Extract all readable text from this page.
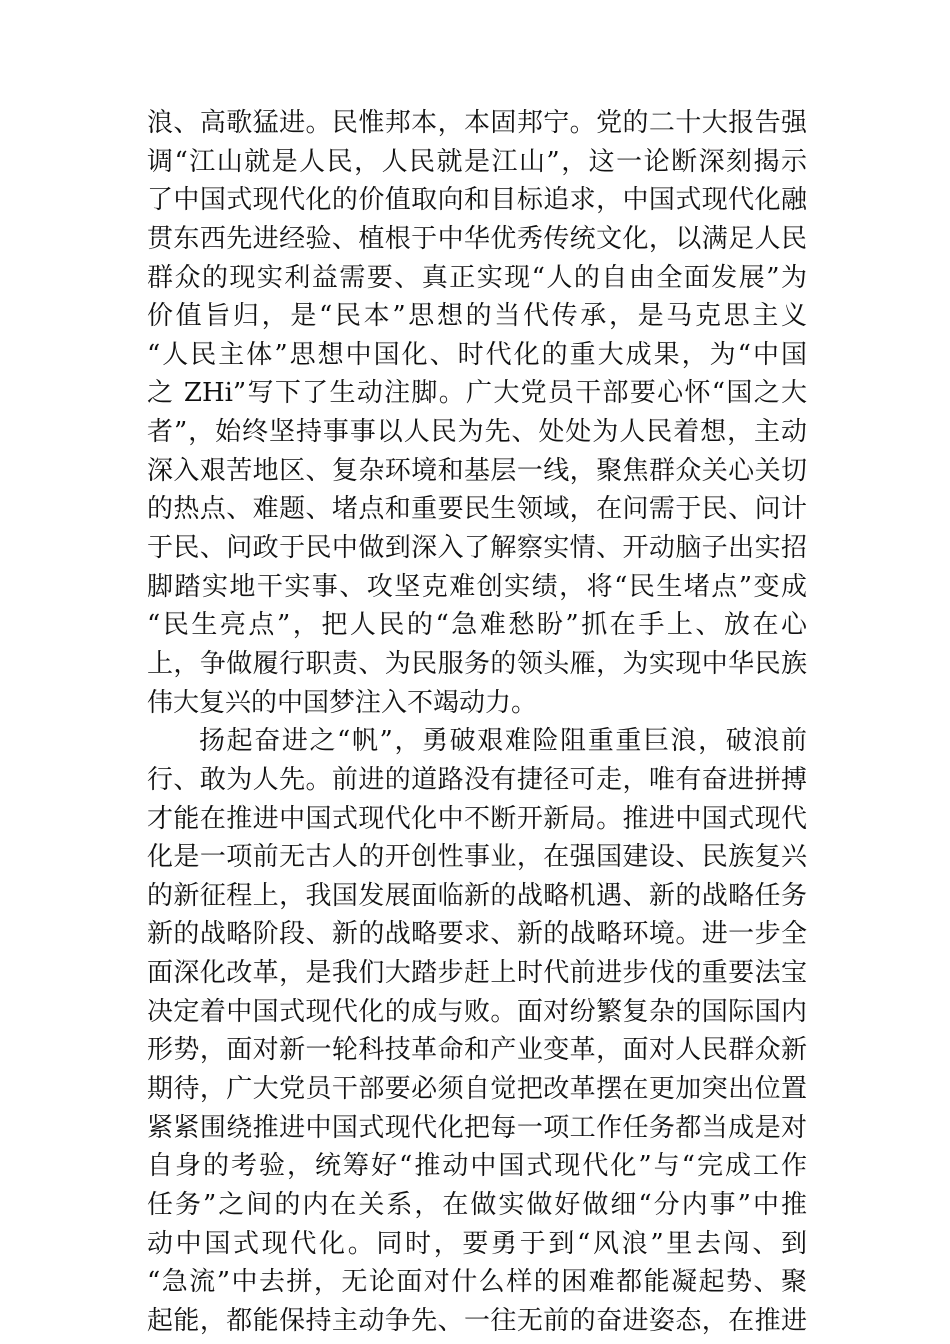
浪、高歌猛进。民惟邦本，本固邦宁。党的二十大报告强
调“江山就是人民，人民就是江山”，这一论断深刻揭示
了中国式现代化的价值取向和目标追求，中国式现代化融
贯东西先进经验、植根于中华优秀传统文化，以满足人民
群众的现实利益需要、真正实现“人的自由全面发展”为
价值旨归，是“民本”思想的当代传承，是马克思主义
“人民主体”思想中国化、时代化的重大成果，为“中国
之 ZHi”写下了生动注脚。广大党员干部要心怀“国之大
者”，始终坚持事事以人民为先、处处为人民着想，主动
深入艰苦地区、复杂环境和基层一线，聚焦群众关心关切
的热点、难题、堵点和重要民生领域，在问需于民、问计
于民、问政于民中做到深入了解察实情、开动脑子出实招
脚踏实地干实事、攻坚克难创实绩，将“民生堵点”变成
“民生亮点”，把人民的“急难愁盼”抓在手上、放在心
上，争做履行职责、为民服务的领头雁，为实现中华民族
伟大复兴的中国梦注入不竭动力。
扬起奋进之“帆”，勇破艰难险阻重重巨浪，破浪前
行、敢为人先。前进的道路没有捷径可走，唯有奋进拼搏
才能在推进中国式现代化中不断开新局。推进中国式现代
化是一项前无古人的开创性事业，在强国建设、民族复兴
的新征程上，我国发展面临新的战略机遇、新的战略任务
新的战略阶段、新的战略要求、新的战略环境。进一步全
面深化改革，是我们大踏步赶上时代前进步伐的重要法宝
决定着中国式现代化的成与败。面对纷繁复杂的国际国内
形势，面对新一轮科技革命和产业变革，面对人民群众新
期待，广大党员干部要必须自觉把改革摆在更加突出位置
紧紧围绕推进中国式现代化把每一项工作任务都当成是对
自身的考验，统筹好“推动中国式现代化”与“完成工作
任务”之间的内在关系，在做实做好做细“分内事”中推
动中国式现代化。同时，要勇于到“风浪”里去闯、到
“急流”中去拼，无论面对什么样的困难都能凝起势、聚
起能，都能保持主动争先、一往无前的奋进姿态，在推进
